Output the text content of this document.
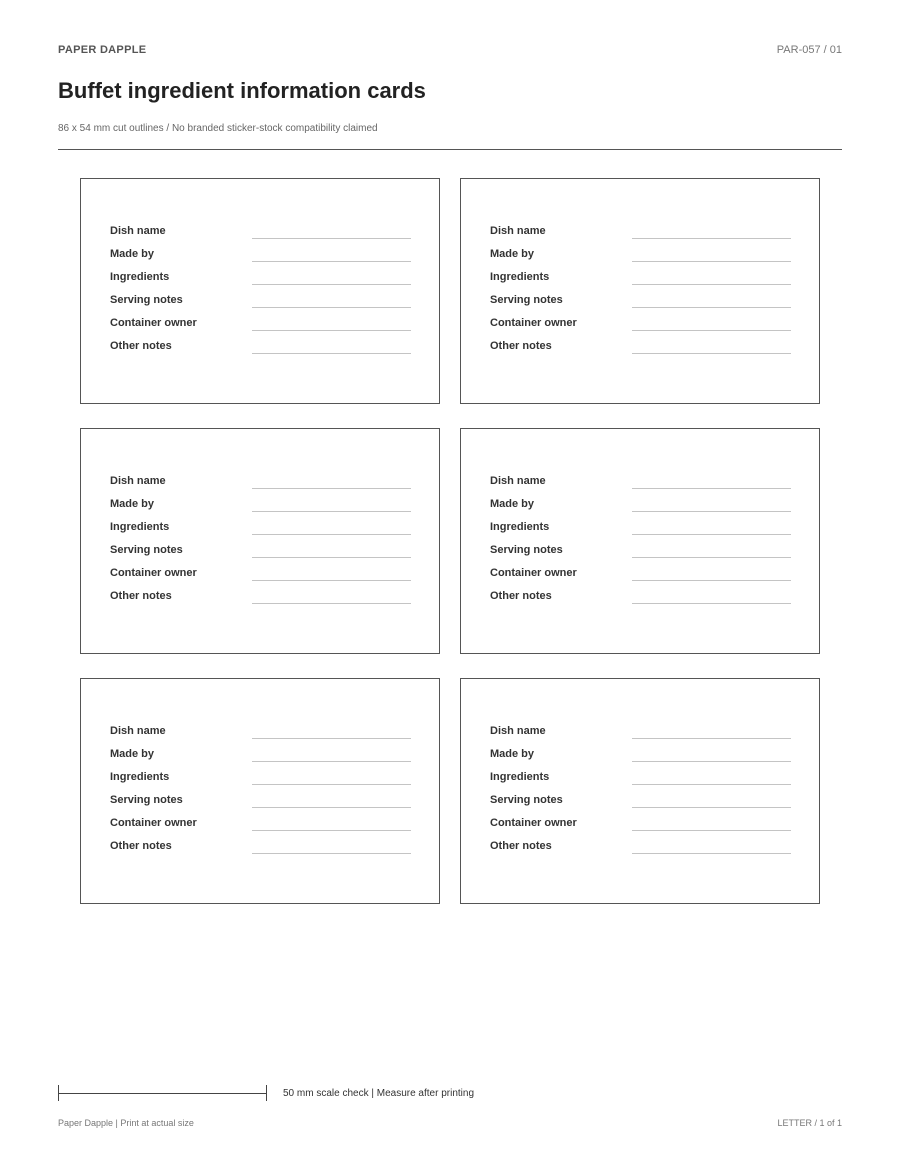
PAPER DAPPLE	PAR-057 / 01
Buffet ingredient information cards
86 x 54 mm cut outlines / No branded sticker-stock compatibility claimed
Dish name
Made by
Ingredients
Serving notes
Container owner
Other notes
Dish name
Made by
Ingredients
Serving notes
Container owner
Other notes
Dish name
Made by
Ingredients
Serving notes
Container owner
Other notes
Dish name
Made by
Ingredients
Serving notes
Container owner
Other notes
Dish name
Made by
Ingredients
Serving notes
Container owner
Other notes
Dish name
Made by
Ingredients
Serving notes
Container owner
Other notes
50 mm scale check | Measure after printing
Paper Dapple | Print at actual size	LETTER / 1 of 1
